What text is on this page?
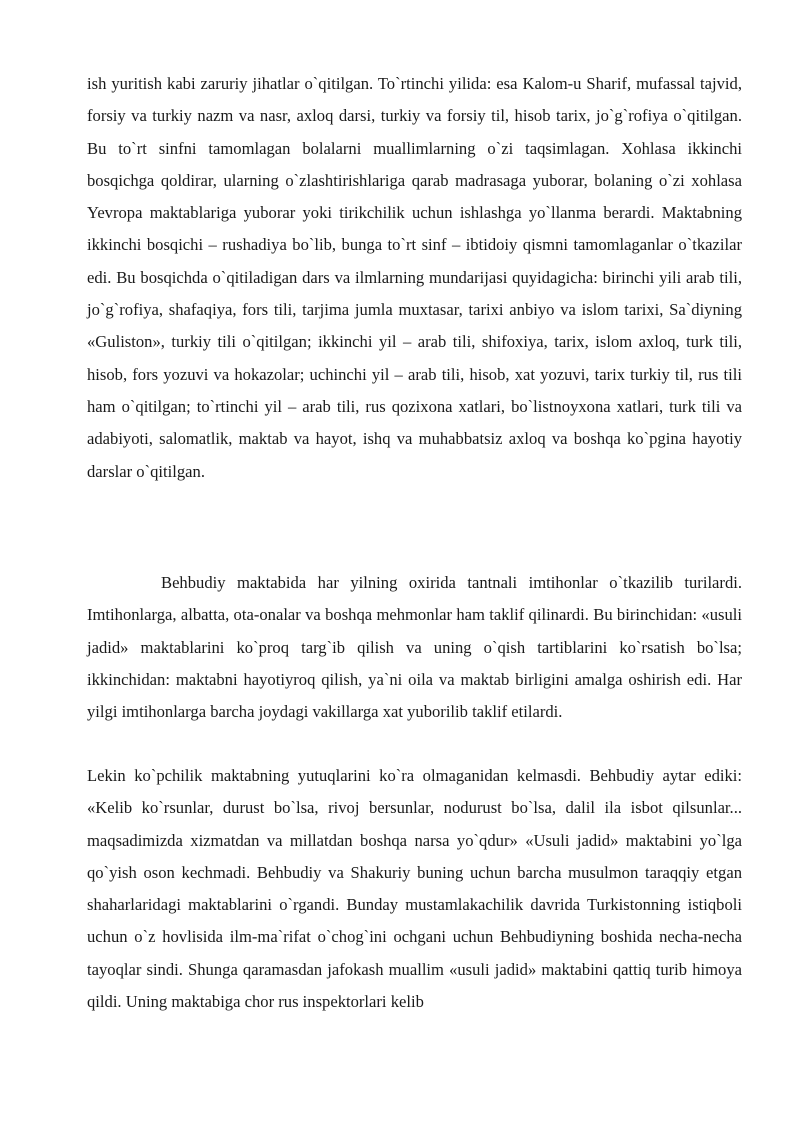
ish yuritish kabi zaruriy jihatlar o`qitilgan. To`rtinchi yilida: esa Kalom-u Sharif, mufassal tajvid, forsiy va turkiy nazm va nasr, axloq darsi, turkiy va forsiy til, hisob tarix, jo`g`rofiya o`qitilgan. Bu to`rt sinfni tamomlagan bolalarni muallimlarning o`zi taqsimlagan. Xohlasa ikkinchi bosqichga qoldirar, ularning o`zlashtirishlariga qarab madrasaga yuborar, bolaning o`zi xohlasa Yevropa maktablariga yuborar yoki tirikchilik uchun ishlashga yo`llanma berardi. Maktabning ikkinchi bosqichi – rushadiya bo`lib, bunga to`rt sinf – ibtidoiy qismni tamomlaganlar o`tkazilar edi. Bu bosqichda o`qitiladigan dars va ilmlarning mundarijasi quyidagicha: birinchi yili arab tili, jo`g`rofiya, shafaqiya, fors tili, tarjima jumla muxtasar, tarixi anbiyo va islom tarixi, Sa`diyning «Guliston», turkiy tili o`qitilgan; ikkinchi yil – arab tili, shifoxiya, tarix, islom axloq, turk tili, hisob, fors yozuvi va hokazolar; uchinchi yil – arab tili, hisob, xat yozuvi, tarix turkiy til, rus tili ham o`qitilgan; to`rtinchi yil – arab tili, rus qozixona xatlari, bo`listnoyxona xatlari, turk tili va adabiyoti, salomatlik, maktab va hayot, ishq va muhabbatsiz axloq va boshqa ko`pgina hayotiy darslar o`qitilgan.

Behbudiy maktabida har yilning oxirida tantnali imtihonlar o`tkazilib turilardi. Imtihonlarga, albatta, ota-onalar va boshqa mehmonlar ham taklif qilinardi. Bu birinchidan: «usuli jadid» maktablarini ko`proq targ`ib qilish va uning o`qish tartiblarini ko`rsatish bo`lsa; ikkinchidan: maktabni hayotiyroq qilish, ya`ni oila va maktab birligini amalga oshirish edi. Har yilgi imtihonlarga barcha joydagi vakillarga xat yuborilib taklif etilardi.

Lekin ko`pchilik maktabning yutuqlarini ko`ra olmaganidan kelmasdi. Behbudiy aytar ediki: «Kelib ko`rsunlar, durust bo`lsa, rivoj bersunlar, nodurust bo`lsa, dalil ila isbot qilsunlar... maqsadimizda xizmatdan va millatdan boshqa narsa yo`qdur» «Usuli jadid» maktabini yo`lga qo`yish oson kechmadi. Behbudiy va Shakuriy buning uchun barcha musulmon taraqqiy etgan shaharlaridagi maktablarini o`rgandi. Bunday mustamlakachilik davrida Turkistonning istiqboli uchun o`z hovlisida ilm-ma`rifat o`chog`ini ochgani uchun Behbudiyning boshida necha-necha tayoqlar sindi. Shunga qaramasdan jafokash muallim «usuli jadid» maktabini qattiq turib himoya qildi. Uning maktabiga chor rus inspektorlari kelib
